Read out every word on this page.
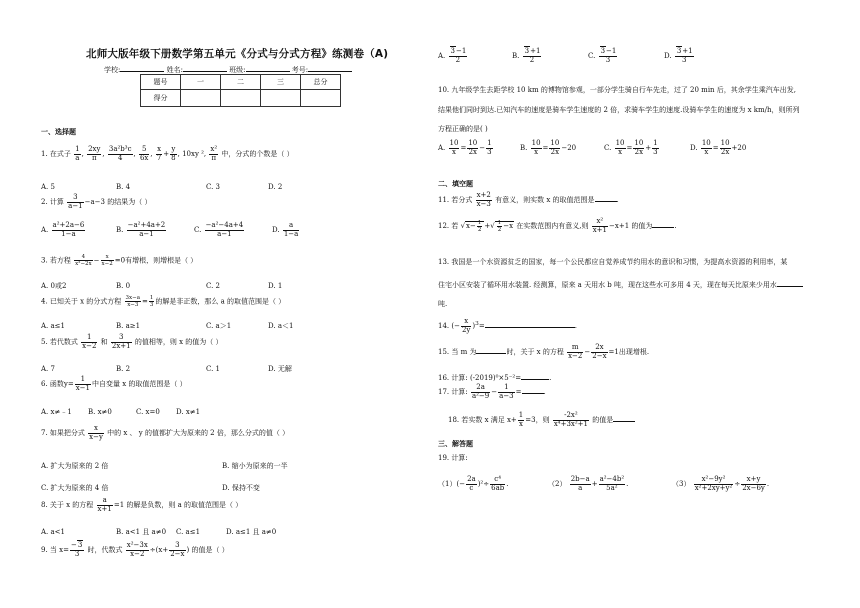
北师大版年级下册数学第五单元《分式与分式方程》练测卷（A)
学校:	姓名:	班级:	考号:
题号	一	二	三	总分
得分				
一、选择题
1. 在式子 $\frac{1}{a}$ , $\frac{2xy}{\pi}$ , $\frac{\text{3a²b³c}}{4}$ , $\frac{5}{6x}$ , $\frac{x}{7} + \frac{y}{8}$ , 10xy ², $\frac{\text{x²}}{\pi}$ 中，分式的个数是（ ）
A. 5	B. 4	C. 3	D. 2
2. 计算 $\frac{3}{a-1} -a-3$ 的结果为（ ）
A. $\frac{\text{a²+2a−6}}{1-a}$	B. $\frac{\text{−a²+4a+2}}{a-1}$	C. $\frac{\text{−a²−4a+4}}{a-1}$	D. $\frac{a}{1-a}$
3. 若方程 $\frac{4}{\text{x²−2x}} - \frac{x}{x-2} =0$有增根，则增根是（ ）
A. 0或2	B. 0	C. 2	D. 1
4. 已知关于 x 的分式方程 $\frac{3x-a}{x-3} = \frac{1}{3}$ 的解是非正数，那么 a 的取值范围是（ ）
A. a≤1	B. a≥1	C. a＞1	D. a＜1
5. 若代数式 $\frac{1}{x-2}$ 和 $\frac{3}{2x+1}$ 的值相等，则 x 的值为（ ）
A. 7	B. 2	C. 1	D. 无解
6. 函数$y= \frac{1}{x-1}$ 中自变量 x 的取值范围是（ ）
A. x≠﹣1 B. x≠0	C. x=0 D. x≠1
7. 如果把分式 $\frac{x}{x-y}$ 中的 x 、 y 的值都扩大为原来的 2 倍，那么分式的值（ ）
A. 扩大为原来的 2 倍	B. 缩小为原来的一半
C. 扩大为原来的 4 倍	D. 保持不变
8. 关于 x 的方程 $\frac{a}{x+1} =1$ 的解是负数，则 a 的取值范围是（ ）
A. a<1	B. a<1 且 a≠0 C. a≤1	D. a≤1 且 a≠0
9. 当 $x= \frac{-3}{3}$ 时，代数式 $\frac{\text{x²−3x}}{x-2} \div(x+ \frac{3}{2-x}$ ) 的值是（ ）
A. $\frac{3-1}{2}$	B. $\frac{3+1}{2}$	C. $\frac{3-1}{3}$	D. $\frac{3+1}{3}$
10. 九年级学生去距学校 10 km 的博物馆参观，一部分学生骑自行车先走，过了 20 min 后，其余学生乘汽车出发,
结果他们同时到达.已知汽车的速度是骑车学生速度的 2 倍，求骑车学生的速度.设骑车学生的速度为 x km/h，则所列
方程正确的是( )
A. $\frac{10}{x} = \frac{10}{2x} - \frac{1}{3}$	B. $\frac{10}{x} = \frac{10}{2x} -20$	C. $\frac{10}{x} = \frac{10}{2x} + \frac{1}{3}$	D. $\frac{10}{x} = \frac{10}{2x} +20$
二、填空题
11. 若分式 $\frac{x+2}{x-3}$ 有意义，则实数 x 的取值范围是	.
12. 若 $√x- \frac{1}{2}$ +√ $\frac{1}{2} -x$ 在实数范围内有意义,则 $\frac{\text{x²}}{x+1} -x+1$ 的值为	.
13. 我国是一个水资源贫乏的国家，每一个公民都应自觉养成节约用水的意识和习惯，为提高水资源的利用率，某
住宅小区安装了循环用水装置. 经测算，原来 a 天用水 b 吨，现在这些水可多用 4 天，现在每天比原来少用水
吨.
14. (− $\frac{x}{2y} )^3=$	.
15. 当 m 为	时，关于 x 的方程 $\frac{m}{x-2} - \frac{2x}{2-x} =1$出现增根.
16. 计算: (-2019)⁰×5⁻²=	.
17. 计算: $\frac{2a}{\text{a²−9}} - \frac{1}{a-3}$ =	.
18. 若实数 x 满足 $x+ \frac{1}{x} =3$，则 $\frac{\text{-2x²}}{\text{x⁴+3x²+1}}$ 的值是
三、解答题
19. 计算:
$(1)(- \frac{2a}{c} )^2\div \frac{\text{c⁴}}{6ab}$ .	$(2) \frac{2b-a}{a} + \frac{\text{a²−4b²}}{\text{5a²}}$ .	$(3) \frac{\text{x²−9y²}}{\text{x²+2xy+y²}} \div \frac{x+y}{2x-6y}$ .
